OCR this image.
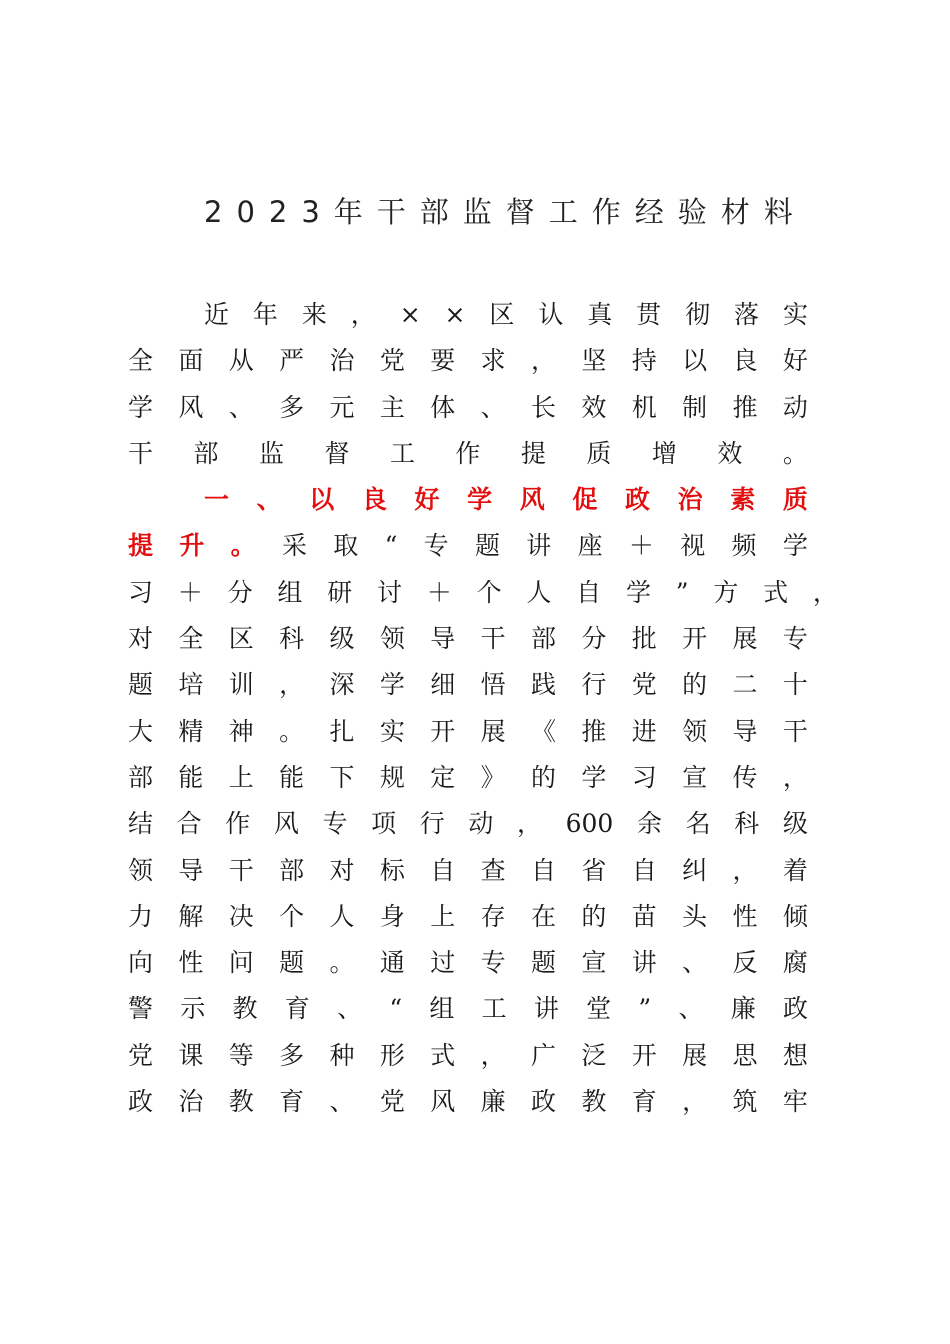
2023年干部监督工作经验材料
近 年 来 ， × × 区 认 真 贯 彻 落 实
全 面 从 严 治 党 要 求 ， 坚 持 以 良 好
学 风 、 多 元 主 体 、 长 效 机 制 推 动
干 部 监 督 工 作 提 质 增 效 。
一 、 以 良 好 学 风 促 政 治 素 质
提 升 。 采 取 “ 专 题 讲 座 ＋ 视 频 学
习 ＋ 分 组 研 讨 ＋ 个 人 自 学 ” 方 式 ，
对 全 区 科 级 领 导 干 部 分 批 开 展 专
题 培 训 ， 深 学 细 悟 践 行 党 的 二 十
大 精 神 。 扎 实 开 展 《 推 进 领 导 干
部 能 上 能 下 规 定 》 的 学 习 宣 传 ，
结 合 作 风 专 项 行 动 ， 600 余 名 科 级
领 导 干 部 对 标 自 查 自 省 自 纠 ， 着
力 解 决 个 人 身 上 存 在 的 苗 头 性 倾
向 性 问 题 。 通 过 专 题 宣 讲 、 反 腐
警 示 教 育 、 “ 组 工 讲 堂 ” 、 廉 政
党 课 等 多 种 形 式 ， 广 泛 开 展 思 想
政 治 教 育 、 党 风 廉 政 教 育 ， 筑 牢
